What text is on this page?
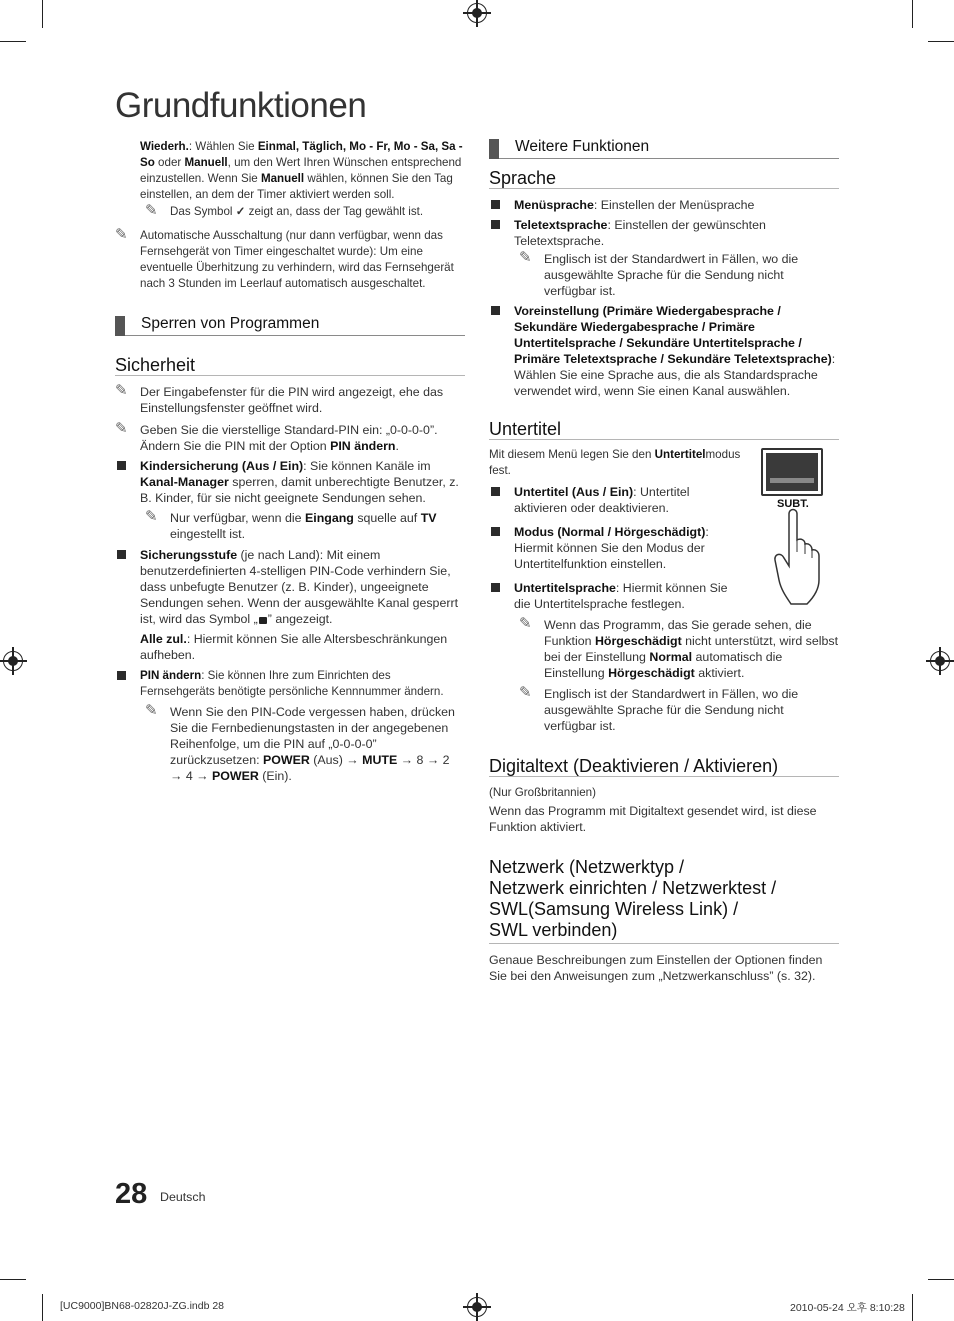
Grundfunktionen
Wiederh.: Wählen Sie Einmal, Täglich, Mo - Fr, Mo - Sa, Sa - So oder Manuell, um den Wert Ihren Wünschen entsprechend einzustellen. Wenn Sie Manuell wählen, können Sie den Tag einstellen, an dem der Timer aktiviert werden soll.
✎ Das Symbol ✓ zeigt an, dass der Tag gewählt ist.
✎ Automatische Ausschaltung (nur dann verfügbar, wenn das Fernsehgerät von Timer eingeschaltet wurde): Um eine eventuelle Überhitzung zu verhindern, wird das Fernsehgerät nach 3 Stunden im Leerlauf automatisch ausgeschaltet.
Sperren von Programmen
Sicherheit
✎ Der Eingabefenster für die PIN wird angezeigt, ehe das Einstellungsfenster geöffnet wird.
✎ Geben Sie die vierstellige Standard-PIN ein: „0-0-0-0”. Ändern Sie die PIN mit der Option PIN ändern.
Kindersicherung (Aus / Ein): Sie können Kanäle im Kanal-Manager sperren, damit unberechtigte Benutzer, z. B. Kinder, für sie nicht geeignete Sendungen sehen.
✎ Nur verfügbar, wenn die Eingang squelle auf TV eingestellt ist.
Sicherungsstufe (je nach Land): Mit einem benutzerdefinierten 4-stelligen PIN-Code verhindern Sie, dass unbefugte Benutzer (z. B. Kinder), ungeeignete Sendungen sehen. Wenn der ausgewählte Kanal gesperrt ist, wird das Symbol „ ” angezeigt.

Alle zul.: Hiermit können Sie alle Altersbeschränkungen aufheben.

PIN ändern: Sie können Ihre zum Einrichten des Fernsehgeräts benötigte persönliche Kennnummer ändern.
✎ Wenn Sie den PIN-Code vergessen haben, drücken Sie die Fernbedienungstasten in der angegebenen Reihenfolge, um die PIN auf „0-0-0-0” zurückzusetzen: POWER (Aus) → MUTE → 8 → 2 → 4 → POWER (Ein).
Weitere Funktionen
Sprache
Menüsprache: Einstellen der Menüsprache
Teletextsprache: Einstellen der gewünschten Teletextsprache.
✎ Englisch ist der Standardwert in Fällen, wo die ausgewählte Sprache für die Sendung nicht verfügbar ist.
Voreinstellung (Primäre Wiedergabesprache / Sekundäre Wiedergabesprache / Primäre Untertitelsprache / Sekundäre Untertitelsprache / Primäre Teletextsprache / Sekundäre Teletextsprache): Wählen Sie eine Sprache aus, die als Standardsprache verwendet wird, wenn Sie einen Kanal auswählen.
Untertitel
SUBT.

Mit diesem Menü legen Sie den Untertitelmodus fest.

Untertitel (Aus / Ein): Untertitel aktivieren oder deaktivieren.
Modus (Normal / Hörgeschädigt): Hiermit können Sie den Modus der Untertitelfunktion einstellen.
Untertitelsprache: Hiermit können Sie die Untertitelsprache festlegen.
✎ Wenn das Programm, das Sie gerade sehen, die Funktion Hörgeschädigt nicht unterstützt, wird selbst bei der Einstellung Normal automatisch die Einstellung Hörgeschädigt aktiviert.
✎ Englisch ist der Standardwert in Fällen, wo die ausgewählte Sprache für die Sendung nicht verfügbar ist.
Digitaltext (Deaktivieren / Aktivieren)

(Nur Großbritannien)

Wenn das Programm mit Digitaltext gesendet wird, ist diese Funktion aktiviert.

Netzwerk (Netzwerktyp /
Netzwerk einrichten / Netzwerktest /
SWL(Samsung Wireless Link) /
SWL verbinden)

Genaue Beschreibungen zum Einstellen der Optionen finden Sie bei den Anweisungen zum „Netzwerkanschluss” (s. 32).

28 Deutsch
[UC9000]BN68-02820J-ZG.indb 28	2010-05-24 오후 8:10:28
